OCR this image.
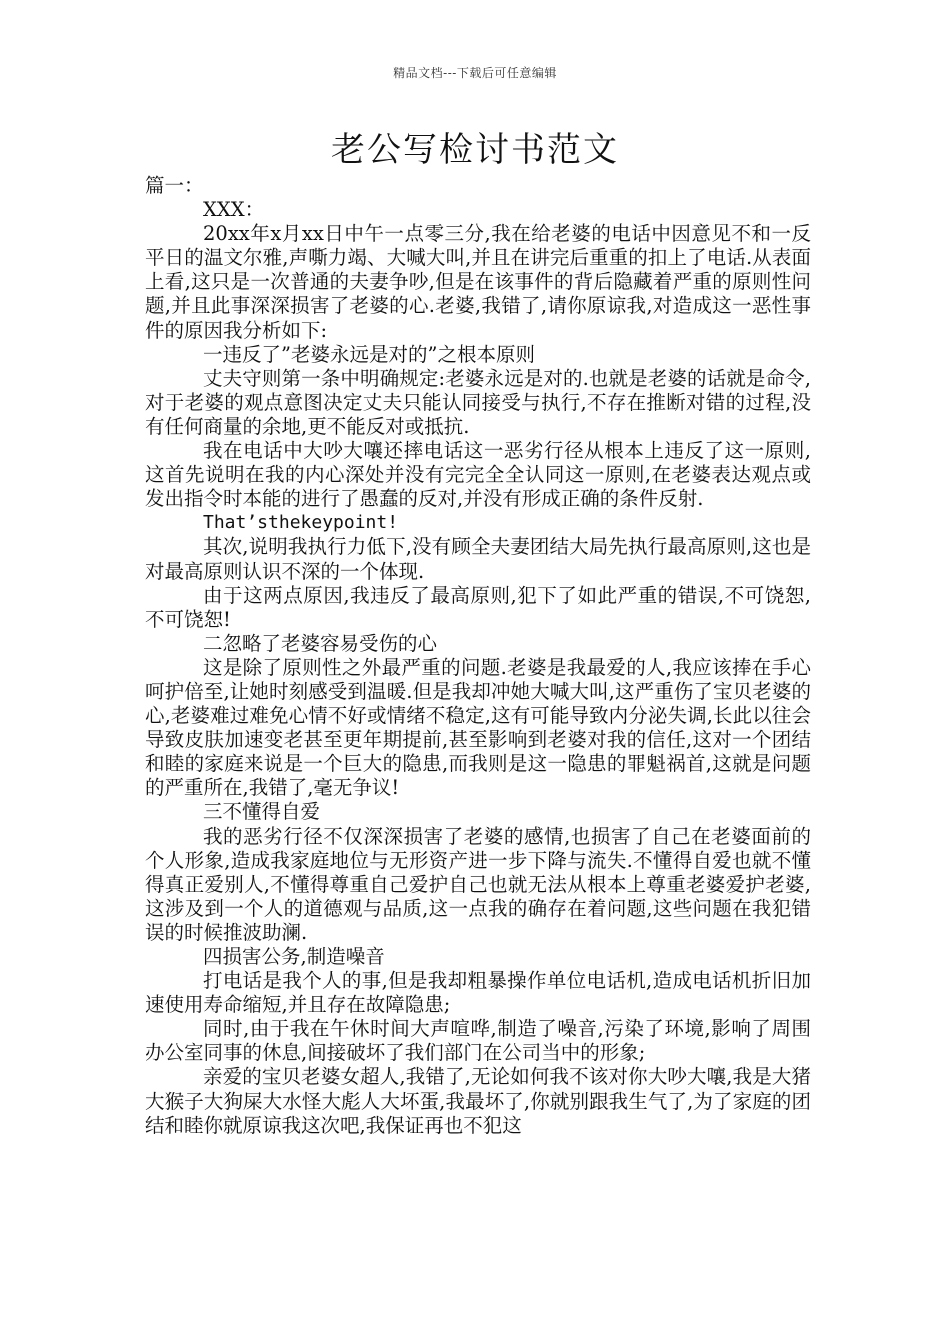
精品文档---下载后可任意编辑
老公写检讨书范文

篇一：

XXX：

20xx年x月xx日中午一点零三分,我在给老婆的电话中因意见不和一反平日的温文尔雅,声嘶力竭、大喊大叫,并且在讲完后重重的扣上了电话.从表面上看,这只是一次普通的夫妻争吵,但是在该事件的背后隐藏着严重的原则性问题,并且此事深深损害了老婆的心.老婆,我错了,请你原谅我,对造成这一恶性事件的原因我分析如下:

一违反了”老婆永远是对的”之根本原则

丈夫守则第一条中明确规定:老婆永远是对的.也就是老婆的话就是命令,对于老婆的观点意图决定丈夫只能认同接受与执行,不存在推断对错的过程,没有任何商量的余地,更不能反对或抵抗.

我在电话中大吵大嚷还摔电话这一恶劣行径从根本上违反了这一原则,这首先说明在我的内心深处并没有完完全全认同这一原则,在老婆表达观点或发出指令时本能的进行了愚蠢的反对,并没有形成正确的条件反射.

That’sthekeypoint!

其次,说明我执行力低下,没有顾全夫妻团结大局先执行最高原则,这也是对最高原则认识不深的一个体现.

由于这两点原因,我违反了最高原则,犯下了如此严重的错误,不可饶恕,不可饶恕!

二忽略了老婆容易受伤的心

这是除了原则性之外最严重的问题.老婆是我最爱的人,我应该捧在手心呵护倍至,让她时刻感受到温暖.但是我却冲她大喊大叫,这严重伤了宝贝老婆的心,老婆难过难免心情不好或情绪不稳定,这有可能导致内分泌失调,长此以往会导致皮肤加速变老甚至更年期提前,甚至影响到老婆对我的信任,这对一个团结和睦的家庭来说是一个巨大的隐患,而我则是这一隐患的罪魁祸首,这就是问题的严重所在,我错了,毫无争议!

三不懂得自爱

我的恶劣行径不仅深深损害了老婆的感情,也损害了自己在老婆面前的个人形象,造成我家庭地位与无形资产进一步下降与流失.不懂得自爱也就不懂得真正爱别人,不懂得尊重自己爱护自己也就无法从根本上尊重老婆爱护老婆,这涉及到一个人的道德观与品质,这一点我的确存在着问题,这些问题在我犯错误的时候推波助澜.

四损害公务,制造噪音

打电话是我个人的事,但是我却粗暴操作单位电话机,造成电话机折旧加速使用寿命缩短,并且存在故障隐患;

同时,由于我在午休时间大声喧哗,制造了噪音,污染了环境,影响了周围办公室同事的休息,间接破坏了我们部门在公司当中的形象;

亲爱的宝贝老婆女超人,我错了,无论如何我不该对你大吵大嚷,我是大猪大猴子大狗屎大水怪大彪人大坏蛋,我最坏了,你就别跟我生气了,为了家庭的团结和睦你就原谅我这次吧,我保证再也不犯这
